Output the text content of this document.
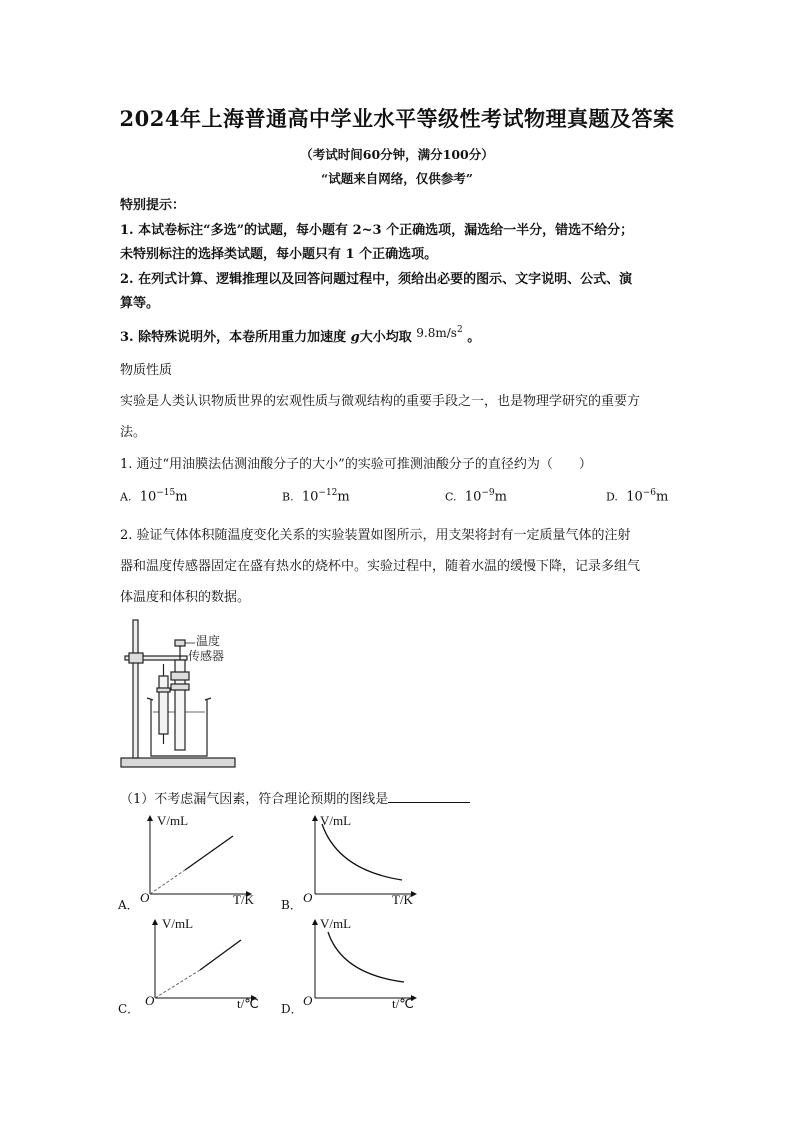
2024年上海普通高中学业水平等级性考试物理真题及答案
（考试时间60分钟，满分100分）
“试题来自网络，仅供参考”
特别提示：
1. 本试卷标注“多选”的试题，每小题有 2~3 个正确选项，漏选给一半分，错选不给分；
未特别标注的选择类试题，每小题只有 1 个正确选项。
2. 在列式计算、逻辑推理以及回答问题过程中，须给出必要的图示、文字说明、公式、演
算等。
3. 除特殊说明外，本卷所用重力加速度 g大小均取 $9.8m/s^2$ 。
物质性质
实验是人类认识物质世界的宏观性质与微观结构的重要手段之一，也是物理学研究的重要方
法。
1. 通过“用油膜法估测油酸分子的大小”的实验可推测油酸分子的直径约为（　　）
A. $10^{-15}m$	B. $10^{-12}m$	C. $10^{-9}m$	D. $10^{-6}m$
2. 验证气体体积随温度变化关系的实验装置如图所示，用支架将封有一定质量气体的注射
器和温度传感器固定在盛有热水的烧杯中。实验过程中，随着水温的缓慢下降，记录多组气
体温度和体积的数据。
温度
传感器
（1）不考虑漏气因素，符合理论预期的图线是
A．
V/mL
O	T/K B．
V/mL
O	T/K
C．
V/mL
O	t/℃ D．
V/mL
O	t/℃
